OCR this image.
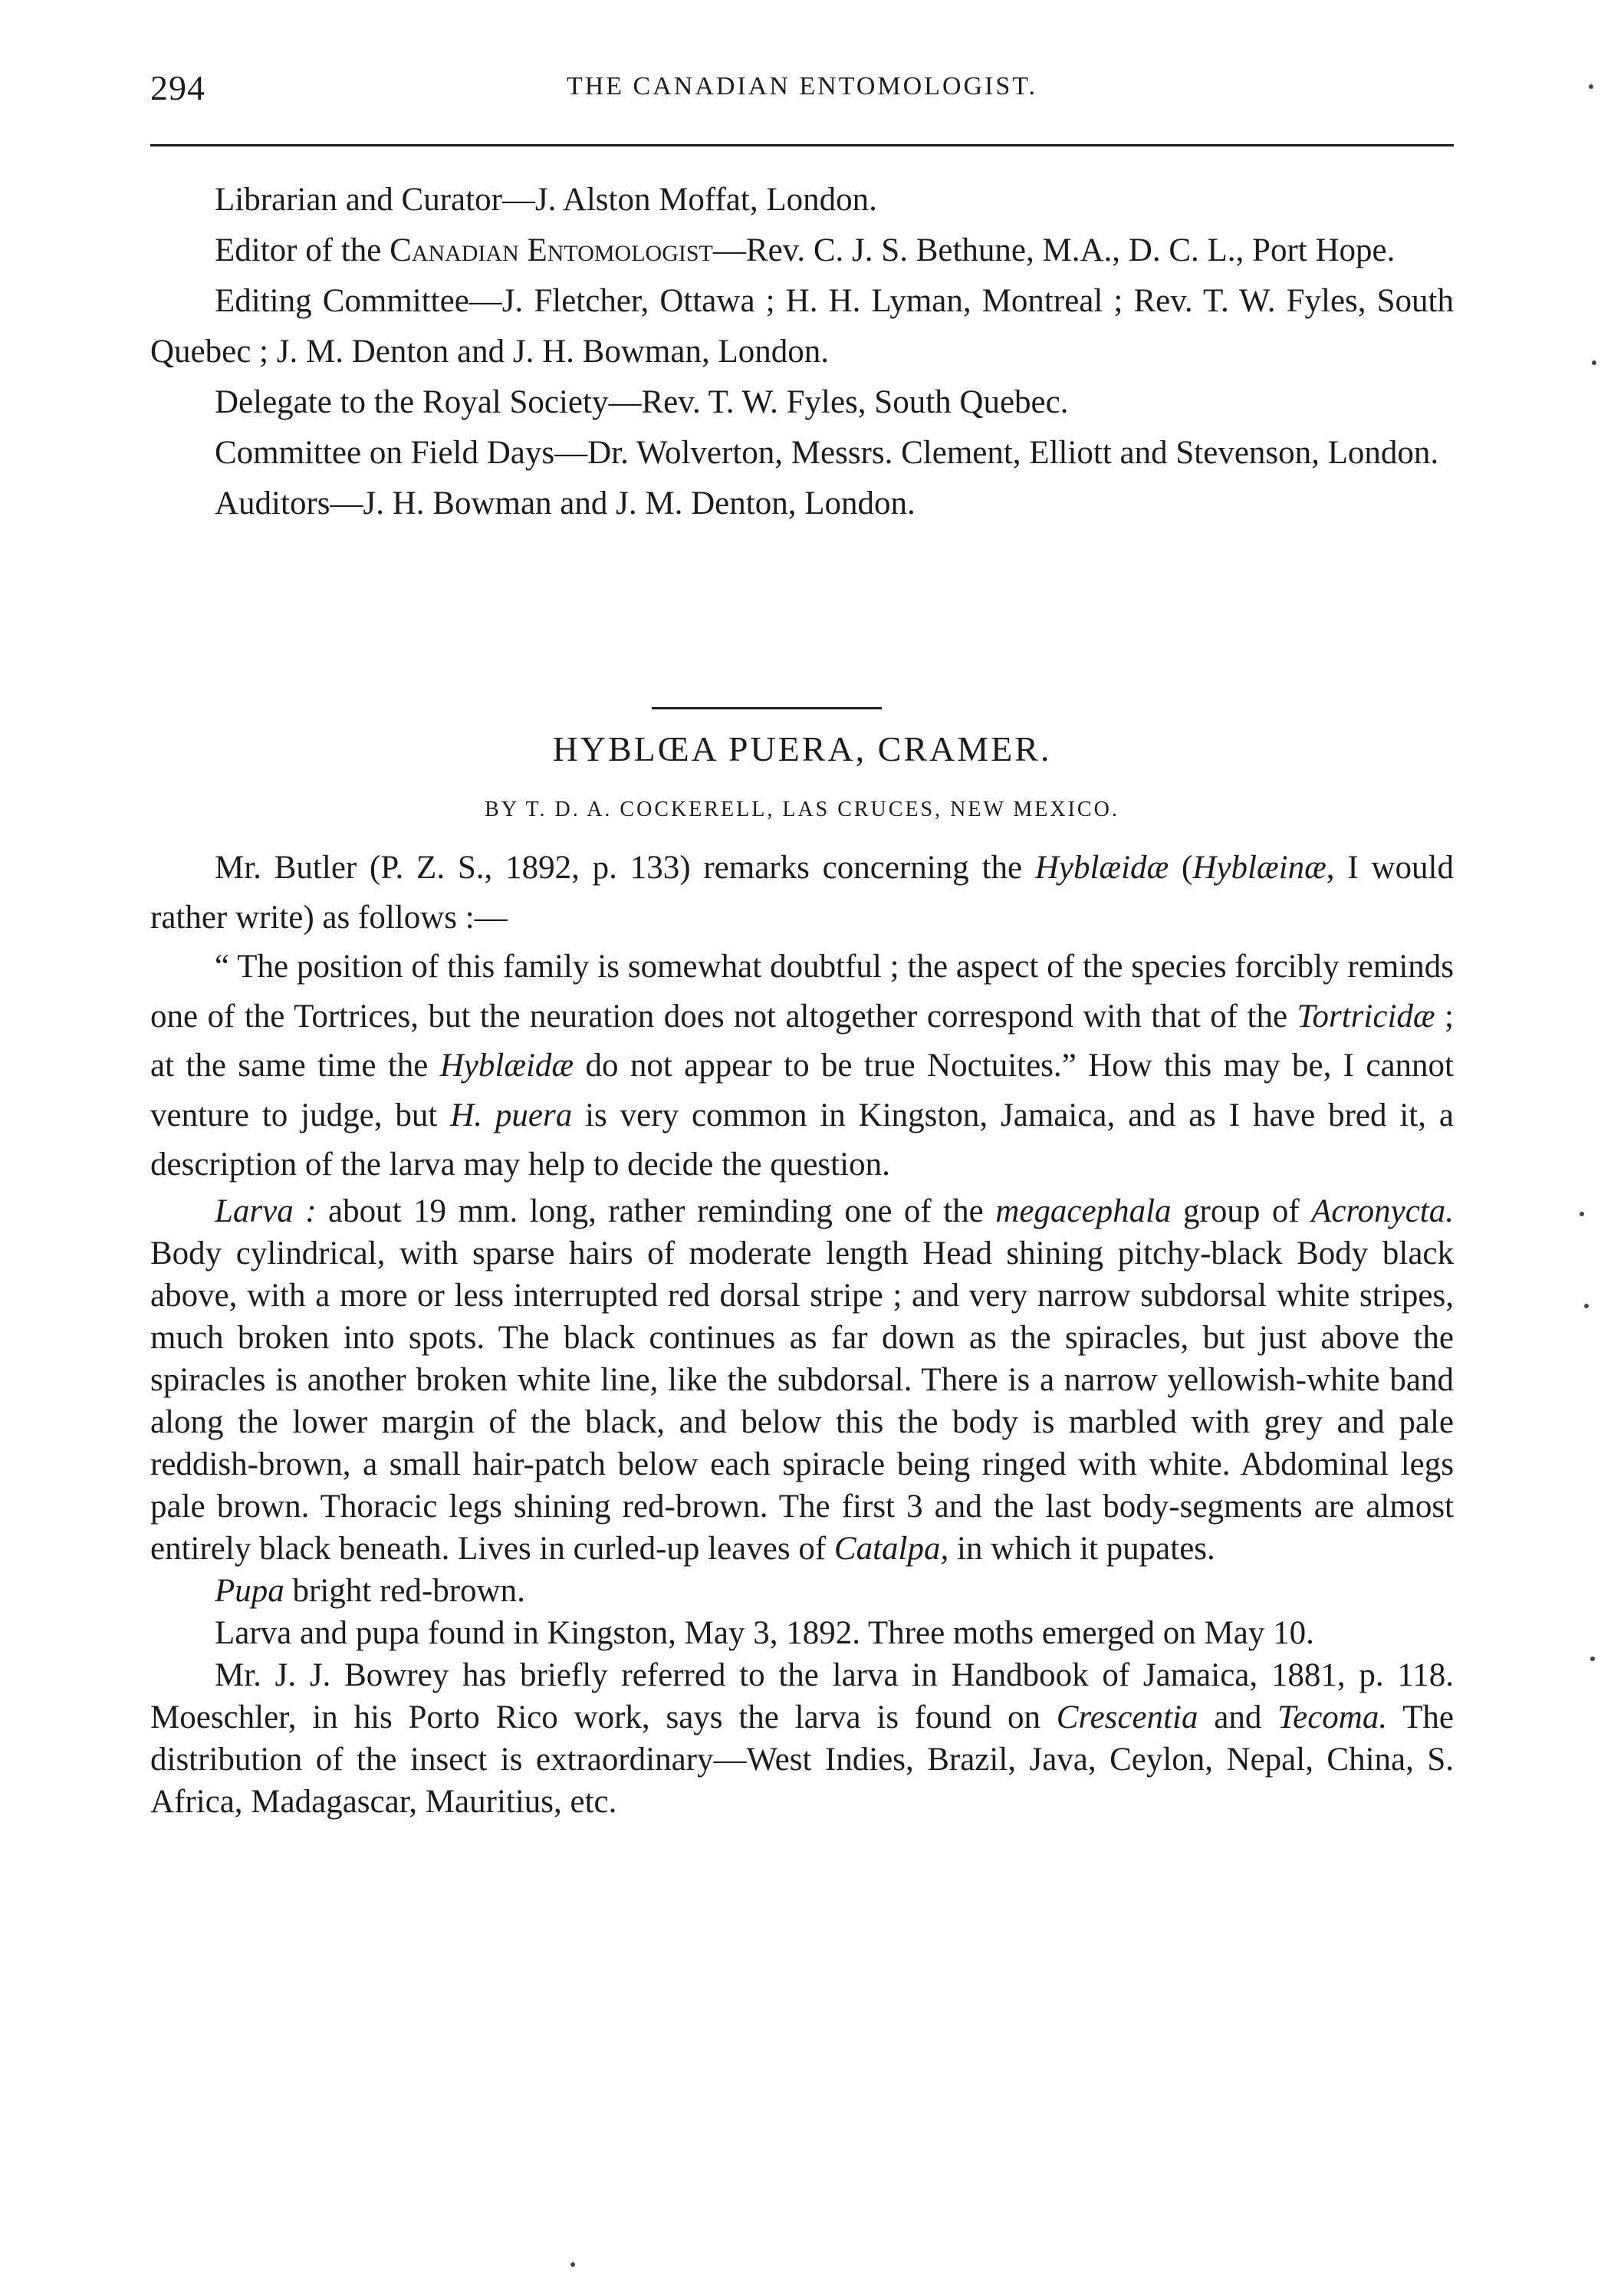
294	THE CANADIAN ENTOMOLOGIST.

Librarian and Curator—J. Alston Moffat, London.

Editor of the Canadian Entomologist—Rev. C. J. S. Bethune, M.A., D. C. L., Port Hope.

Editing Committee—J. Fletcher, Ottawa ; H. H. Lyman, Montreal ; Rev. T. W. Fyles, South Quebec ; J. M. Denton and J. H. Bowman, London.

Delegate to the Royal Society—Rev. T. W. Fyles, South Quebec.

Committee on Field Days—Dr. Wolverton, Messrs. Clement, Elliott and Stevenson, London.

Auditors—J. H. Bowman and J. M. Denton, London.

HYBLŒA PUERA, CRAMER.
BY T. D. A. COCKERELL, LAS CRUCES, NEW MEXICO.

Mr. Butler (P. Z. S., 1892, p. 133) remarks concerning the Hyblæidæ (Hyblæinæ, I would rather write) as follows :—

“ The position of this family is somewhat doubtful ; the aspect of the species forcibly reminds one of the Tortrices, but the neuration does not altogether correspond with that of the Tortricidæ ; at the same time the Hyblæidæ do not appear to be true Noctuites.” How this may be, I cannot venture to judge, but H. puera is very common in Kingston, Jamaica, and as I have bred it, a description of the larva may help to decide the question.

Larva : about 19 mm. long, rather reminding one of the megacephala group of Acronycta. Body cylindrical, with sparse hairs of moderate length Head shining pitchy-black Body black above, with a more or less interrupted red dorsal stripe ; and very narrow subdorsal white stripes, much broken into spots. The black continues as far down as the spiracles, but just above the spiracles is another broken white line, like the subdorsal. There is a narrow yellowish-white band along the lower margin of the black, and below this the body is marbled with grey and pale reddish-brown, a small hair-patch below each spiracle being ringed with white. Abdominal legs pale brown. Thoracic legs shining red-brown. The first 3 and the last body-segments are almost entirely black beneath. Lives in curled-up leaves of Catalpa, in which it pupates.

Pupa bright red-brown.

Larva and pupa found in Kingston, May 3, 1892. Three moths emerged on May 10.

Mr. J. J. Bowrey has briefly referred to the larva in Handbook of Jamaica, 1881, p. 118. Moeschler, in his Porto Rico work, says the larva is found on Crescentia and Tecoma. The distribution of the insect is extraordinary—West Indies, Brazil, Java, Ceylon, Nepal, China, S. Africa, Madagascar, Mauritius, etc.
